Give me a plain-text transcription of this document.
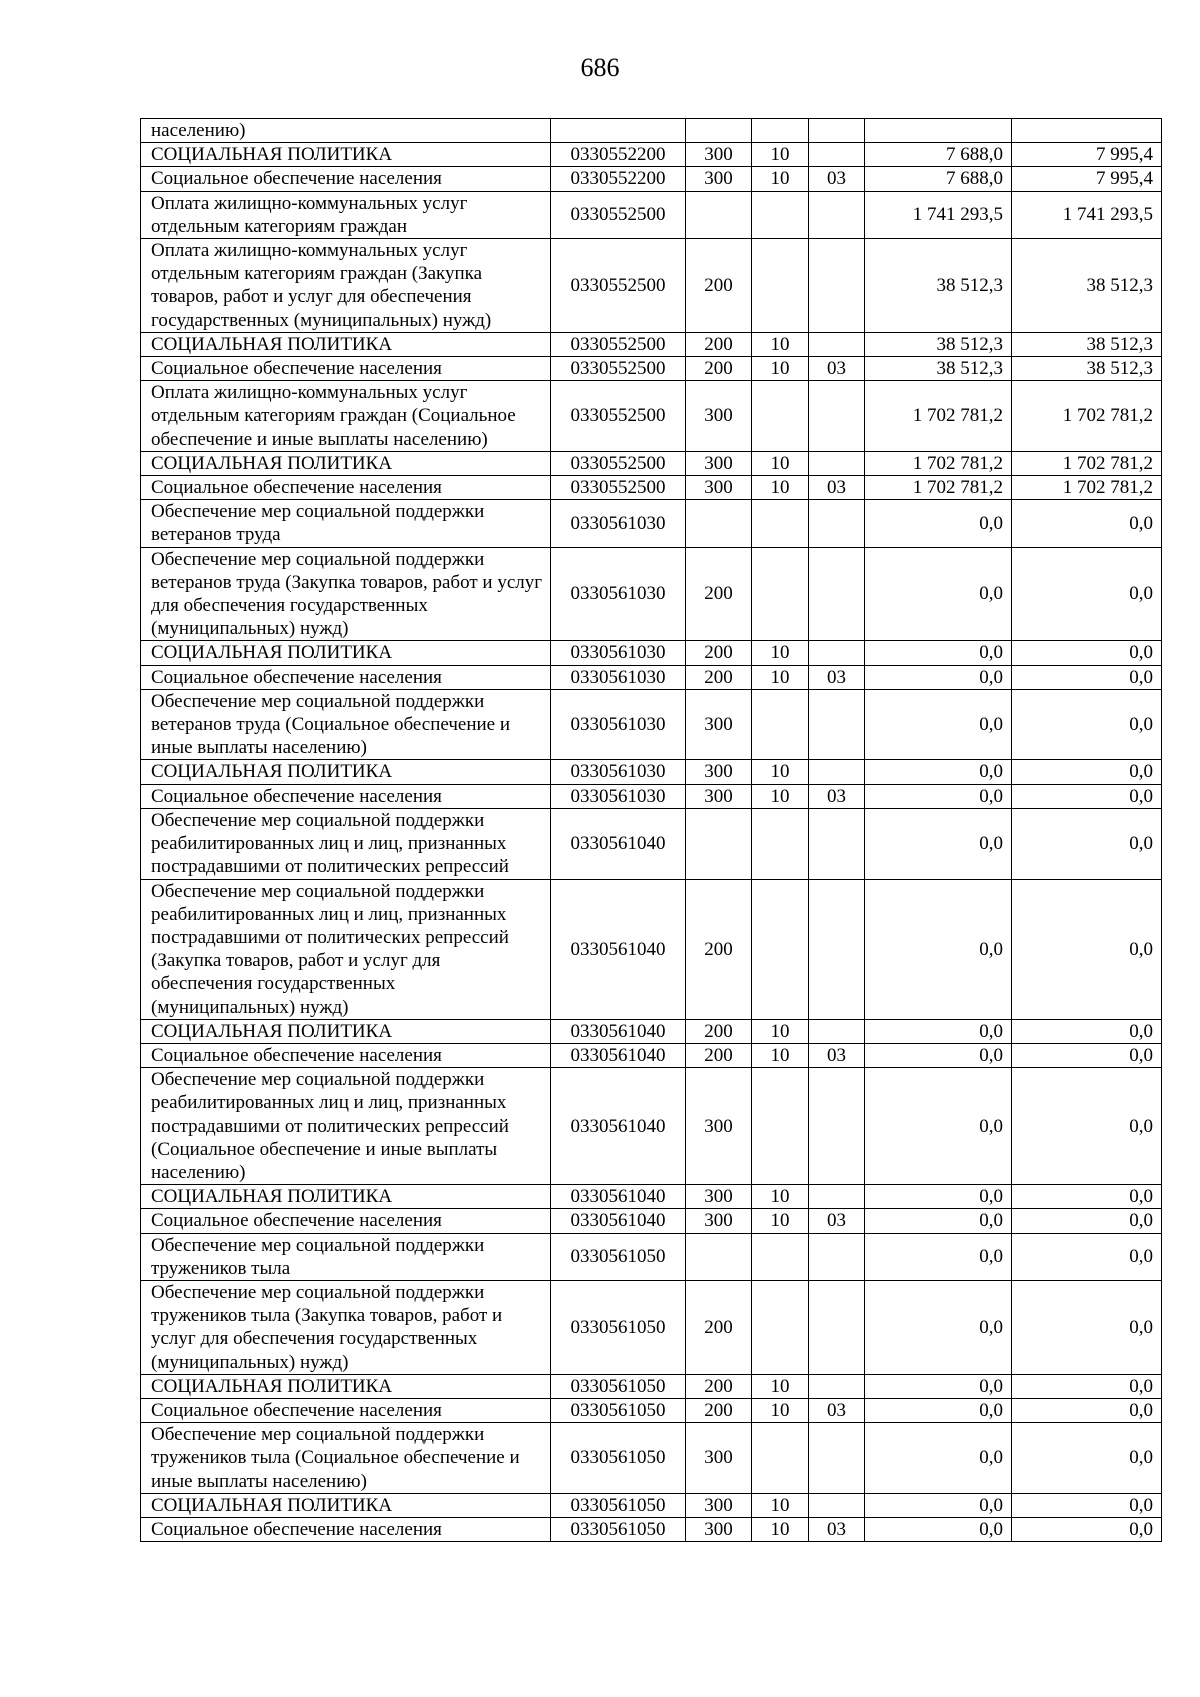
686
населению)						
СОЦИАЛЬНАЯ ПОЛИТИКА	0330552200	300	10		7 688,0	7 995,4
Социальное обеспечение населения	0330552200	300	10	03	7 688,0	7 995,4
Оплата жилищно-коммунальных услуг отдельным категориям граждан	0330552500				1 741 293,5	1 741 293,5
Оплата жилищно-коммунальных услуг отдельным категориям граждан (Закупка товаров, работ и услуг для обеспечения государственных (муниципальных) нужд)	0330552500	200			38 512,3	38 512,3
СОЦИАЛЬНАЯ ПОЛИТИКА	0330552500	200	10		38 512,3	38 512,3
Социальное обеспечение населения	0330552500	200	10	03	38 512,3	38 512,3
Оплата жилищно-коммунальных услуг отдельным категориям граждан (Социальное обеспечение и иные выплаты населению)	0330552500	300			1 702 781,2	1 702 781,2
СОЦИАЛЬНАЯ ПОЛИТИКА	0330552500	300	10		1 702 781,2	1 702 781,2
Социальное обеспечение населения	0330552500	300	10	03	1 702 781,2	1 702 781,2
Обеспечение мер социальной поддержки ветеранов труда	0330561030				0,0	0,0
Обеспечение мер социальной поддержки ветеранов труда (Закупка товаров, работ и услуг для обеспечения государственных (муниципальных) нужд)	0330561030	200			0,0	0,0
СОЦИАЛЬНАЯ ПОЛИТИКА	0330561030	200	10		0,0	0,0
Социальное обеспечение населения	0330561030	200	10	03	0,0	0,0
Обеспечение мер социальной поддержки ветеранов труда (Социальное обеспечение и иные выплаты населению)	0330561030	300			0,0	0,0
СОЦИАЛЬНАЯ ПОЛИТИКА	0330561030	300	10		0,0	0,0
Социальное обеспечение населения	0330561030	300	10	03	0,0	0,0
Обеспечение мер социальной поддержки реабилитированных лиц и лиц, признанных пострадавшими от политических репрессий	0330561040				0,0	0,0
Обеспечение мер социальной поддержки реабилитированных лиц и лиц, признанных пострадавшими от политических репрессий (Закупка товаров, работ и услуг для обеспечения государственных (муниципальных) нужд)	0330561040	200			0,0	0,0
СОЦИАЛЬНАЯ ПОЛИТИКА	0330561040	200	10		0,0	0,0
Социальное обеспечение населения	0330561040	200	10	03	0,0	0,0
Обеспечение мер социальной поддержки реабилитированных лиц и лиц, признанных пострадавшими от политических репрессий (Социальное обеспечение и иные выплаты населению)	0330561040	300			0,0	0,0
СОЦИАЛЬНАЯ ПОЛИТИКА	0330561040	300	10		0,0	0,0
Социальное обеспечение населения	0330561040	300	10	03	0,0	0,0
Обеспечение мер социальной поддержки тружеников тыла	0330561050				0,0	0,0
Обеспечение мер социальной поддержки тружеников тыла (Закупка товаров, работ и услуг для обеспечения государственных (муниципальных) нужд)	0330561050	200			0,0	0,0
СОЦИАЛЬНАЯ ПОЛИТИКА	0330561050	200	10		0,0	0,0
Социальное обеспечение населения	0330561050	200	10	03	0,0	0,0
Обеспечение мер социальной поддержки тружеников тыла (Социальное обеспечение и иные выплаты населению)	0330561050	300			0,0	0,0
СОЦИАЛЬНАЯ ПОЛИТИКА	0330561050	300	10		0,0	0,0
Социальное обеспечение населения	0330561050	300	10	03	0,0	0,0
